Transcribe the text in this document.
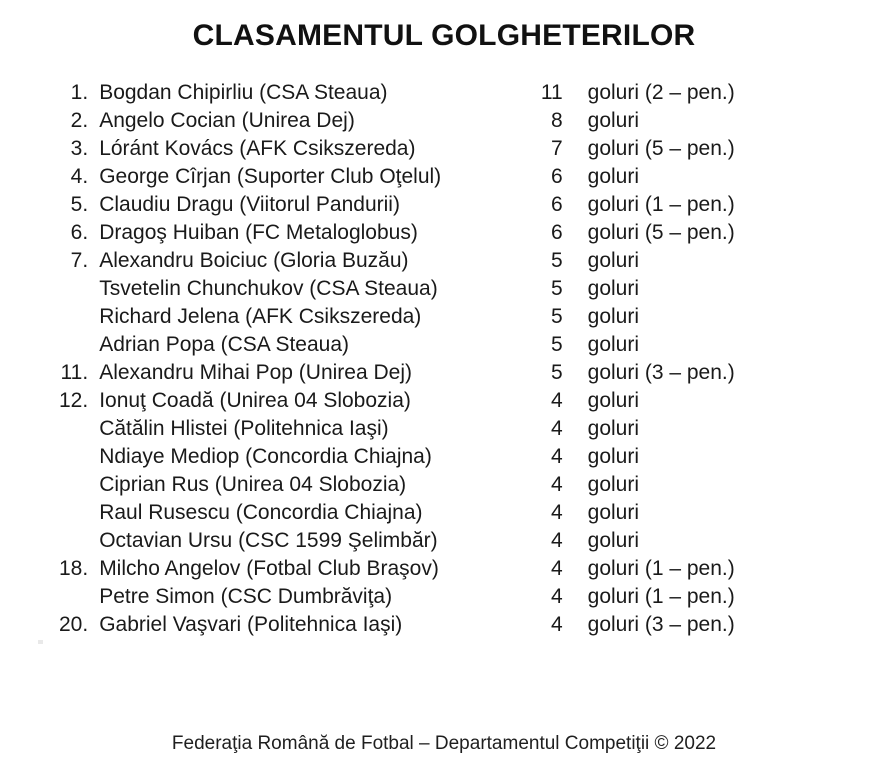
CLASAMENTUL GOLGHETERILOR
1.	Bogdan Chipirliu (CSA Steaua)	11	goluri (2 – pen.)
2.	Angelo Cocian (Unirea Dej)	8	goluri
3.	Lóránt Kovács (AFK Csikszereda)	7	goluri (5 – pen.)
4.	George Cîrjan (Suporter Club Oţelul)	6	goluri
5.	Claudiu Dragu (Viitorul Pandurii)	6	goluri (1 – pen.)
6.	Dragoş Huiban (FC Metaloglobus)	6	goluri (5 – pen.)
7.	Alexandru Boiciuc (Gloria Buzău)	5	goluri
	Tsvetelin Chunchukov (CSA Steaua)	5	goluri
	Richard Jelena (AFK Csikszereda)	5	goluri
	Adrian Popa (CSA Steaua)	5	goluri
11.	Alexandru Mihai Pop (Unirea Dej)	5	goluri (3 – pen.)
12.	Ionuţ Coadă (Unirea 04 Slobozia)	4	goluri
	Cătălin Hlistei (Politehnica Iaşi)	4	goluri
	Ndiaye Mediop (Concordia Chiajna)	4	goluri
	Ciprian Rus (Unirea 04 Slobozia)	4	goluri
	Raul Rusescu (Concordia Chiajna)	4	goluri
	Octavian Ursu (CSC 1599 Şelimbăr)	4	goluri
18.	Milcho Angelov (Fotbal Club Braşov)	4	goluri (1 – pen.)
	Petre Simon (CSC Dumbrăviţa)	4	goluri (1 – pen.)
20.	Gabriel Vaşvari (Politehnica Iaşi)	4	goluri (3 – pen.)
Federaţia Română de Fotbal – Departamentul Competiţii © 2022
